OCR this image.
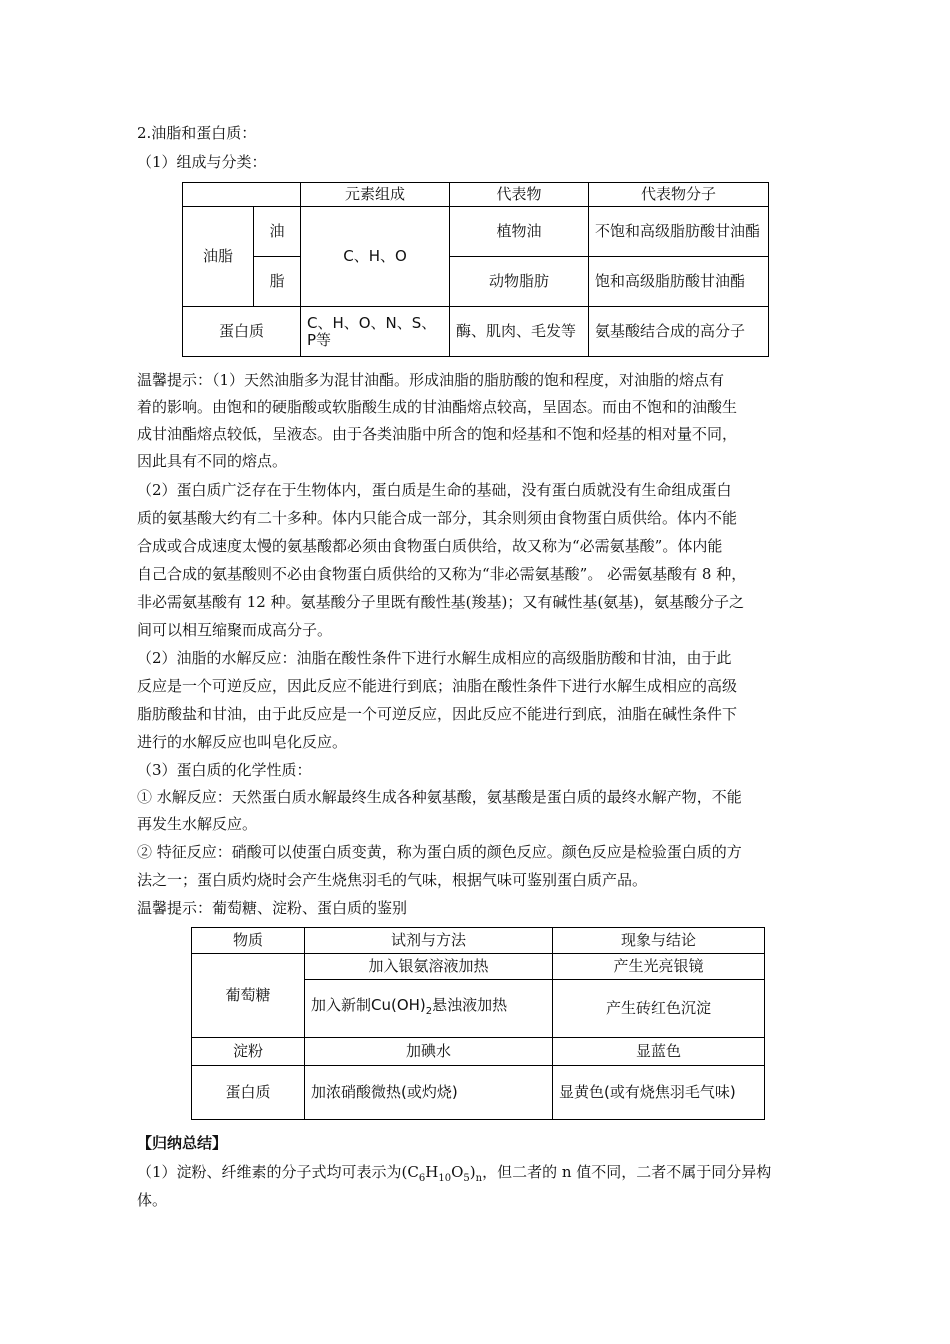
2.油脂和蛋白质：
（1）组成与分类：
		元素组成	代表物	代表物分子
油脂	油	C、H、O	植物油	不饱和高级脂肪酸甘油酯
	脂		动物脂肪	饱和高级脂肪酸甘油酯
蛋白质		C、H、O、N、S、P等	酶、肌肉、毛发等	氨基酸结合成的高分子
温馨提示：（1）天然油脂多为混甘油酯。形成油脂的脂肪酸的饱和程度，对油脂的熔点有
着的影响。由饱和的硬脂酸或软脂酸生成的甘油酯熔点较高，呈固态。而由不饱和的油酸生
成甘油酯熔点较低，呈液态。由于各类油脂中所含的饱和烃基和不饱和烃基的相对量不同，
因此具有不同的熔点。
（2）蛋白质广泛存在于生物体内，蛋白质是生命的基础，没有蛋白质就没有生命组成蛋白
质的氨基酸大约有二十多种。体内只能合成一部分，其余则须由食物蛋白质供给。体内不能
合成或合成速度太慢的氨基酸都必须由食物蛋白质供给，故又称为“必需氨基酸”。体内能
自己合成的氨基酸则不必由食物蛋白质供给的又称为“非必需氨基酸”。 必需氨基酸有 8 种，
非必需氨基酸有 12 种。氨基酸分子里既有酸性基(羧基)；又有碱性基(氨基)，氨基酸分子之
间可以相互缩聚而成高分子。
（2）油脂的水解反应：油脂在酸性条件下进行水解生成相应的高级脂肪酸和甘油，由于此
反应是一个可逆反应，因此反应不能进行到底；油脂在酸性条件下进行水解生成相应的高级
脂肪酸盐和甘油，由于此反应是一个可逆反应，因此反应不能进行到底，油脂在碱性条件下
进行的水解反应也叫皂化反应。
（3）蛋白质的化学性质：
① 水解反应：天然蛋白质水解最终生成各种氨基酸，氨基酸是蛋白质的最终水解产物，不能
再发生水解反应。
② 特征反应：硝酸可以使蛋白质变黄，称为蛋白质的颜色反应。颜色反应是检验蛋白质的方
法之一；蛋白质灼烧时会产生烧焦羽毛的气味，根据气味可鉴别蛋白质产品。
温馨提示：葡萄糖、淀粉、蛋白质的鉴别
物质	试剂与方法	现象与结论
葡萄糖	加入银氨溶液加热	产生光亮银镜
	加入新制$Cu(OH)_2$悬浊液加热	产生砖红色沉淀
淀粉	加碘水	显蓝色
蛋白质	加浓硝酸微热(或灼烧)	显黄色(或有烧焦羽毛气味)
【归纳总结】
（1）淀粉、纤维素的分子式均可表示为$(C_6H_{10}O_5)_n$，但二者的 n 值不同，二者不属于同分异构
体。
